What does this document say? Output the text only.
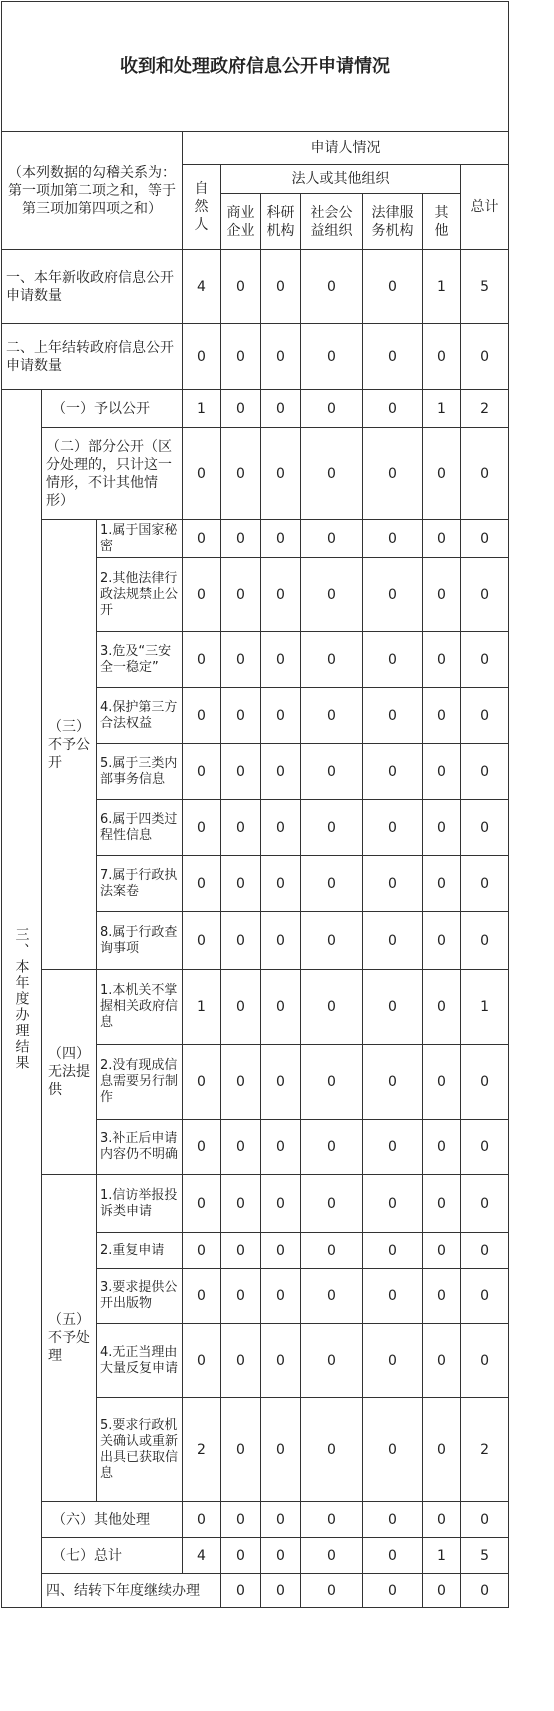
收到和处理政府信息公开申请情况										
（本列数据的勾稽关系为：第一项加第二项之和，等于第三项加第四项之和）			申请人情况							
			自然人	法人或其他组织					总计	
				商业企业	科研机构	社会公益组织	法律服务机构	其他		
一、本年新收政府信息公开申请数量			4	0	0	0	0	1	5	
二、上年结转政府信息公开申请数量			0	0	0	0	0	0	0	
三、本年度办理结果	（一）予以公开		1	0	0	0	0	1	2	
	（二）部分公开（区分处理的，只计这一情形，不计其他情形）		0	0	0	0	0	0	0	
	（三）不予公开	1.属于国家秘密	0	0	0	0	0	0	0	
		2.其他法律行政法规禁止公开	0	0	0	0	0	0	0	
		3.危及“三安全一稳定”	0	0	0	0	0	0	0	
		4.保护第三方合法权益	0	0	0	0	0	0	0	
		5.属于三类内部事务信息	0	0	0	0	0	0	0	
		6.属于四类过程性信息	0	0	0	0	0	0	0	
		7.属于行政执法案卷	0	0	0	0	0	0	0	
		8.属于行政查询事项	0	0	0	0	0	0	0	
	（四）无法提供	1.本机关不掌握相关政府信息	1	0	0	0	0	0	1	
		2.没有现成信息需要另行制作	0	0	0	0	0	0	0	
		3.补正后申请内容仍不明确	0	0	0	0	0	0	0	
	（五）不予处理	1.信访举报投诉类申请	0	0	0	0	0	0	0	
		2.重复申请	0	0	0	0	0	0	0	
		3.要求提供公开出版物	0	0	0	0	0	0	0	
		4.无正当理由大量反复申请	0	0	0	0	0	0	0	
		5.要求行政机关确认或重新出具已获取信息	2	0	0	0	0	0	2	
	（六）其他处理		0	0	0	0	0	0	0	
	（七）总计		4	0	0	0	0	1	5	
	四、结转下年度继续办理			0	0	0	0	0	0	
